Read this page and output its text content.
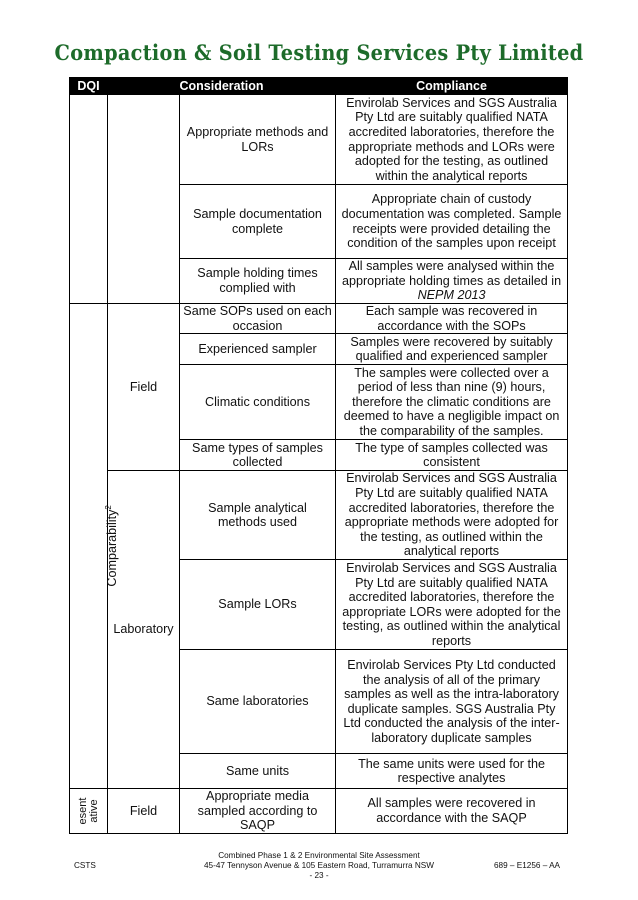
Compaction & Soil Testing Services Pty Limited
DQI	Consideration		Compliance
		Appropriate methods and LORs	Envirolab Services and SGS Australia Pty Ltd are suitably qualified NATA accredited laboratories, therefore the appropriate methods and LORs were adopted for the testing, as outlined within the analytical reports
		Sample documentation complete	Appropriate chain of custody documentation was completed. Sample receipts were provided detailing the condition of the samples upon receipt
		Sample holding times complied with	All samples were analysed within the appropriate holding times as detailed in NEPM 2013
Comparability$^2$	Field	Same SOPs used on each occasion	Each sample was recovered in accordance with the SOPs
		Experienced sampler	Samples were recovered by suitably qualified and experienced sampler
		Climatic conditions	The samples were collected over a period of less than nine (9) hours, therefore the climatic conditions are deemed to have a negligible impact on the comparability of the samples.
		Same types of samples collected	The type of samples collected was consistent
	Laboratory	Sample analytical methods used	Envirolab Services and SGS Australia Pty Ltd are suitably qualified NATA accredited laboratories, therefore the appropriate methods were adopted for the testing, as outlined within the analytical reports
		Sample LORs	Envirolab Services and SGS Australia Pty Ltd are suitably qualified NATA accredited laboratories, therefore the appropriate LORs were adopted for the testing, as outlined within the analytical reports
		Same laboratories	Envirolab Services Pty Ltd conducted the analysis of all of the primary samples as well as the intra-laboratory duplicate samples. SGS Australia Pty Ltd conducted the analysis of the inter-laboratory duplicate samples
		Same units	The same units were used for the respective analytes
esent ative	Field	Appropriate media sampled according to SAQP	All samples were recovered in accordance with the SAQP
Combined Phase 1 & 2 Environmental Site Assessment
45-47 Tennyson Avenue & 105 Eastern Road, Turramurra NSW
- 23 -
CSTS	689 – E1256 – AA
